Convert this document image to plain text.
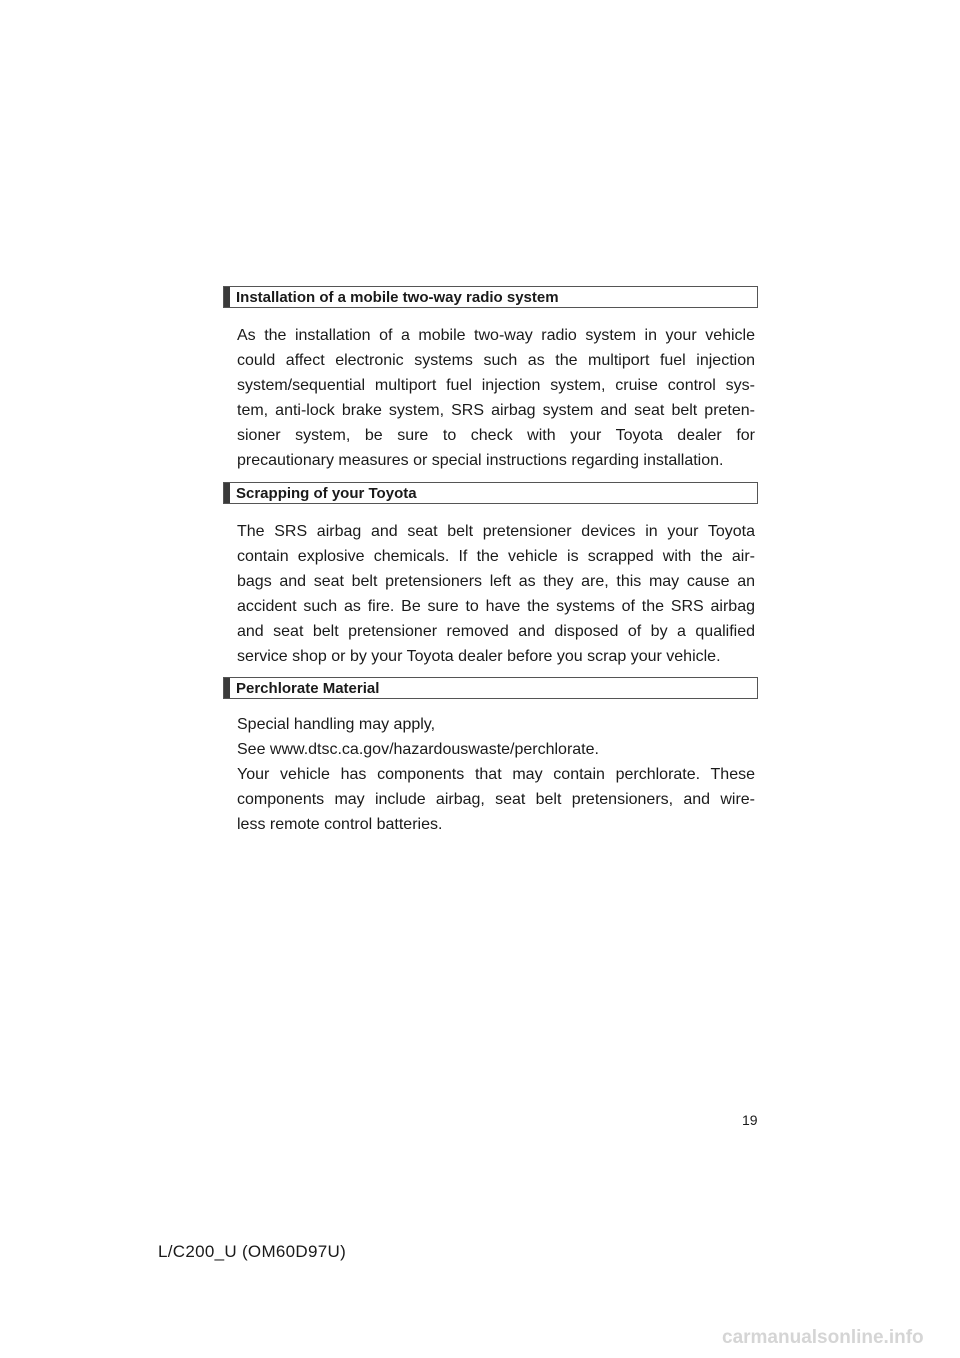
Installation of a mobile two-way radio system
As the installation of a mobile two-way radio system in your vehicle
could affect electronic systems such as the multiport fuel injection
system/sequential multiport fuel injection system, cruise control sys-
tem, anti-lock brake system, SRS airbag system and seat belt preten-
sioner system, be sure to check with your Toyota dealer for
precautionary measures or special instructions regarding installation.
Scrapping of your Toyota
The SRS airbag and seat belt pretensioner devices in your Toyota
contain explosive chemicals. If the vehicle is scrapped with the air-
bags and seat belt pretensioners left as they are, this may cause an
accident such as fire. Be sure to have the systems of the SRS airbag
and seat belt pretensioner removed and disposed of by a qualified
service shop or by your Toyota dealer before you scrap your vehicle.
Perchlorate Material
Special handling may apply,
See www.dtsc.ca.gov/hazardouswaste/perchlorate.
Your vehicle has components that may contain perchlorate. These
components may include airbag, seat belt pretensioners, and wire-
less remote control batteries.
19
L/C200_U (OM60D97U)
carmanualsonline.info
